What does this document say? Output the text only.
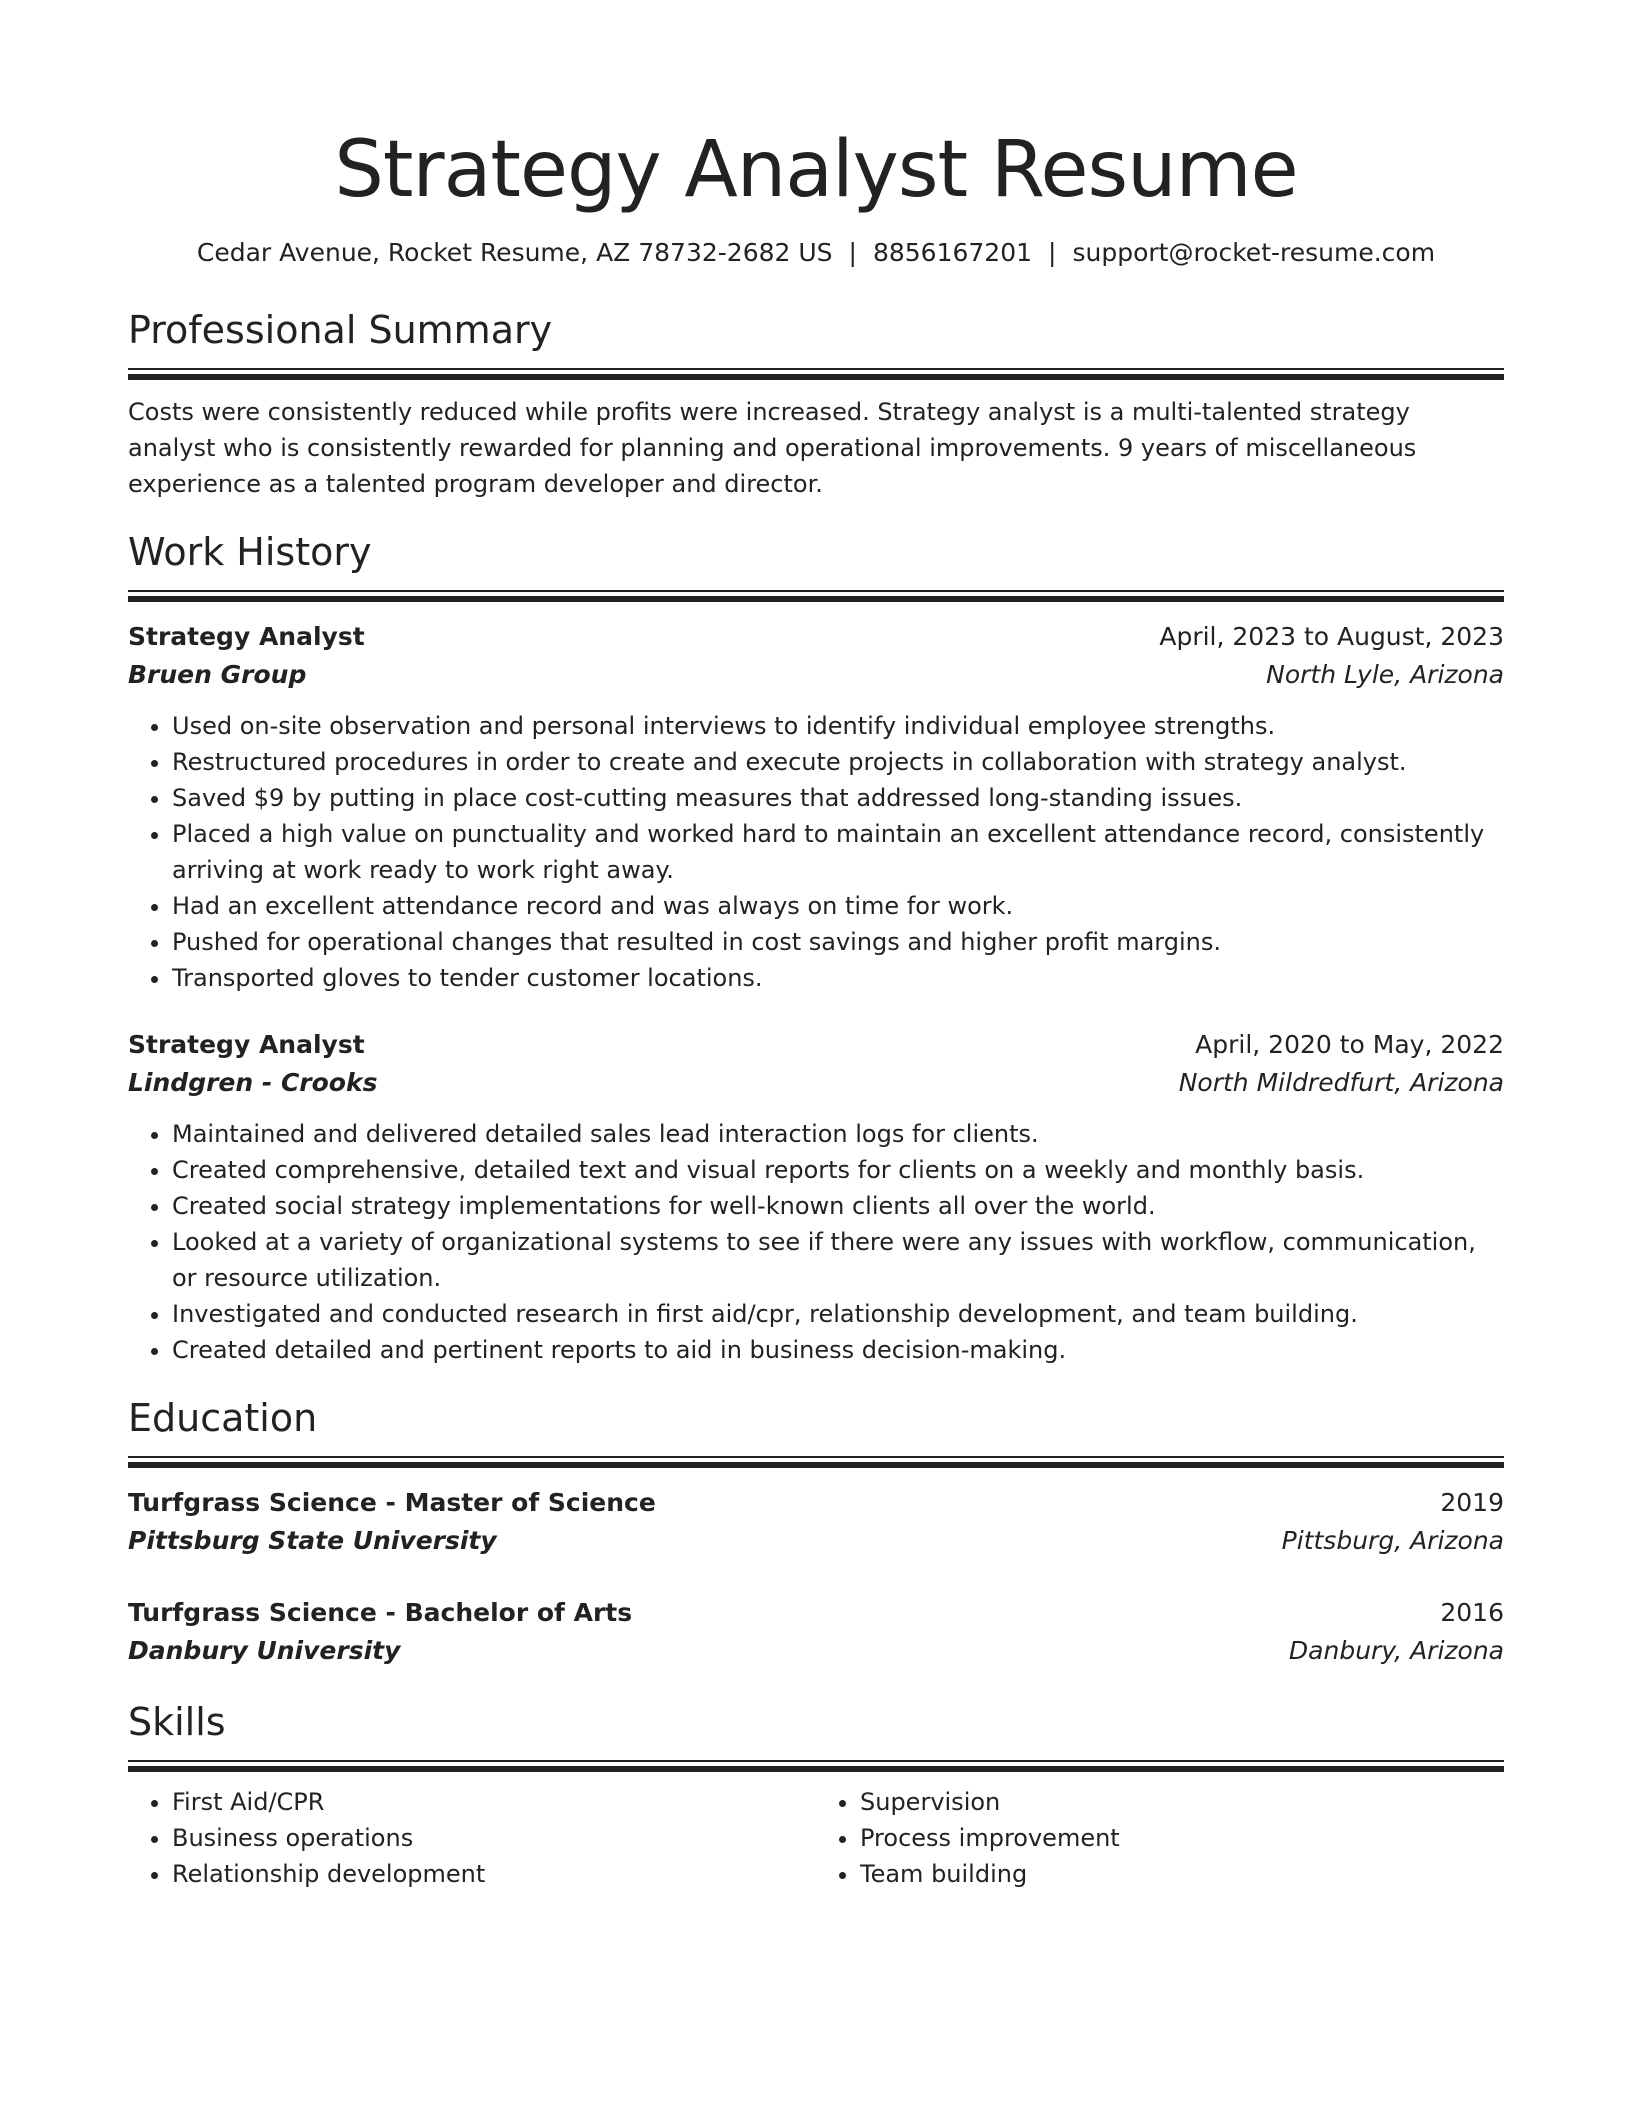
Strategy Analyst Resume
Cedar Avenue, Rocket Resume, AZ 78732-2682 US | 8856167201 | support@rocket-resume.com
Professional Summary
Costs were consistently reduced while profits were increased. Strategy analyst is a multi-talented strategy analyst who is consistently rewarded for planning and operational improvements. 9 years of miscellaneous experience as a talented program developer and director.
Work History
Strategy Analyst	April, 2023 to August, 2023
Bruen Group	North Lyle, Arizona
• Used on-site observation and personal interviews to identify individual employee strengths.
• Restructured procedures in order to create and execute projects in collaboration with strategy analyst.
• Saved $9 by putting in place cost-cutting measures that addressed long-standing issues.
• Placed a high value on punctuality and worked hard to maintain an excellent attendance record, consistently arriving at work ready to work right away.
• Had an excellent attendance record and was always on time for work.
• Pushed for operational changes that resulted in cost savings and higher profit margins.
• Transported gloves to tender customer locations.
Strategy Analyst	April, 2020 to May, 2022
Lindgren - Crooks	North Mildredfurt, Arizona
• Maintained and delivered detailed sales lead interaction logs for clients.
• Created comprehensive, detailed text and visual reports for clients on a weekly and monthly basis.
• Created social strategy implementations for well-known clients all over the world.
• Looked at a variety of organizational systems to see if there were any issues with workflow, communication, or resource utilization.
• Investigated and conducted research in first aid/cpr, relationship development, and team building.
• Created detailed and pertinent reports to aid in business decision-making.
Education
Turfgrass Science - Master of Science	2019
Pittsburg State University	Pittsburg, Arizona
Turfgrass Science - Bachelor of Arts	2016
Danbury University	Danbury, Arizona
Skills
• First Aid/CPR
• Business operations
• Relationship development
• Supervision
• Process improvement
• Team building
